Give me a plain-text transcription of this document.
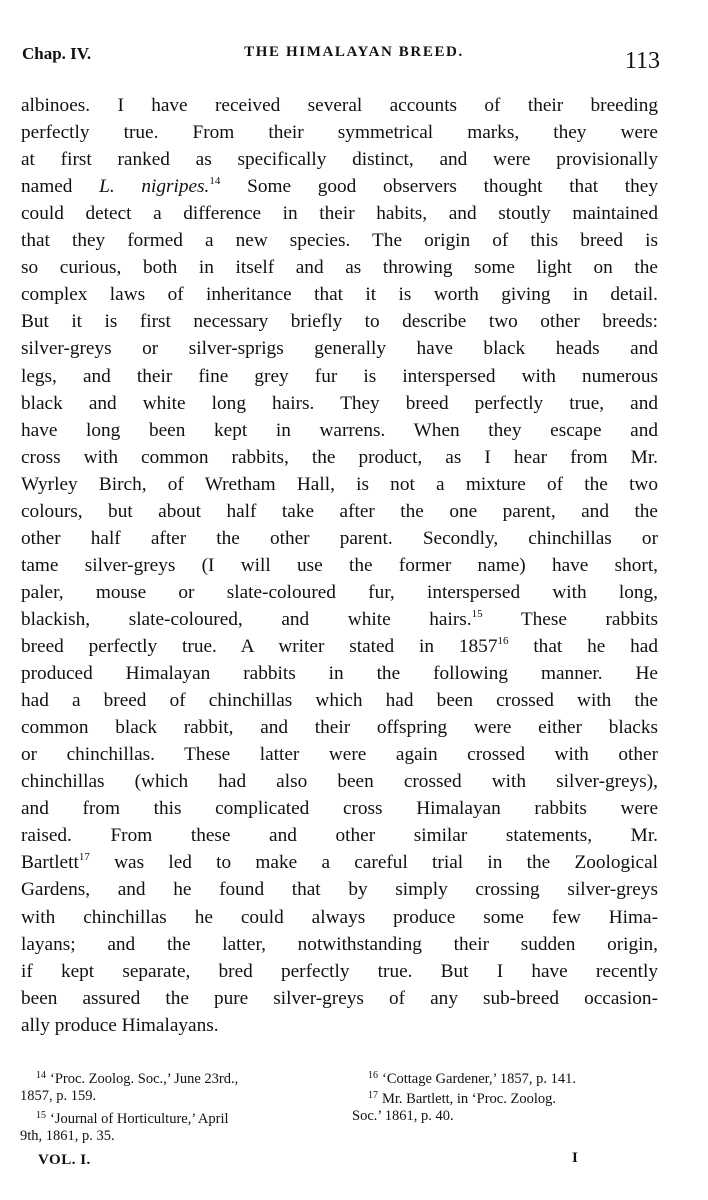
Chap. IV.	THE HIMALAYAN BREED.	113
albinoes. I have received several accounts of their breeding
perfectly true. From their symmetrical marks, they were
at first ranked as specifically distinct, and were provisionally
named L. nigripes.$^{14}$ Some good observers thought that they
could detect a difference in their habits, and stoutly maintained
that they formed a new species. The origin of this breed is
so curious, both in itself and as throwing some light on the
complex laws of inheritance that it is worth giving in detail.
But it is first necessary briefly to describe two other breeds:
silver-greys or silver-sprigs generally have black heads and
legs, and their fine grey fur is interspersed with numerous
black and white long hairs. They breed perfectly true, and
have long been kept in warrens. When they escape and
cross with common rabbits, the product, as I hear from Mr.
Wyrley Birch, of Wretham Hall, is not a mixture of the two
colours, but about half take after the one parent, and the
other half after the other parent. Secondly, chinchillas or
tame silver-greys (I will use the former name) have short,
paler, mouse or slate-coloured fur, interspersed with long,
blackish, slate-coloured, and white hairs.$^{15}$ These rabbits
breed perfectly true. A writer stated in 1857$^{16}$ that he had
produced Himalayan rabbits in the following manner. He
had a breed of chinchillas which had been crossed with the
common black rabbit, and their offspring were either blacks
or chinchillas. These latter were again crossed with other
chinchillas (which had also been crossed with silver-greys),
and from this complicated cross Himalayan rabbits were
raised. From these and other similar statements, Mr.
Bartlett$^{17}$ was led to make a careful trial in the Zoological
Gardens, and he found that by simply crossing silver-greys
with chinchillas he could always produce some few Hima-
layans; and the latter, notwithstanding their sudden origin,
if kept separate, bred perfectly true. But I have recently
been assured the pure silver-greys of any sub-breed occasion-
ally produce Himalayans.
$^{14}$ ‘Proc. Zoolog. Soc.,’ June 23rd.,
1857, p. 159.
$^{15}$ ‘Journal of Horticulture,’ April
9th, 1861, p. 35.
$^{16}$ ‘Cottage Gardener,’ 1857, p. 141.
$^{17}$ Mr. Bartlett, in ‘Proc. Zoolog.
Soc.’ 1861, p. 40.
VOL. I.	I
